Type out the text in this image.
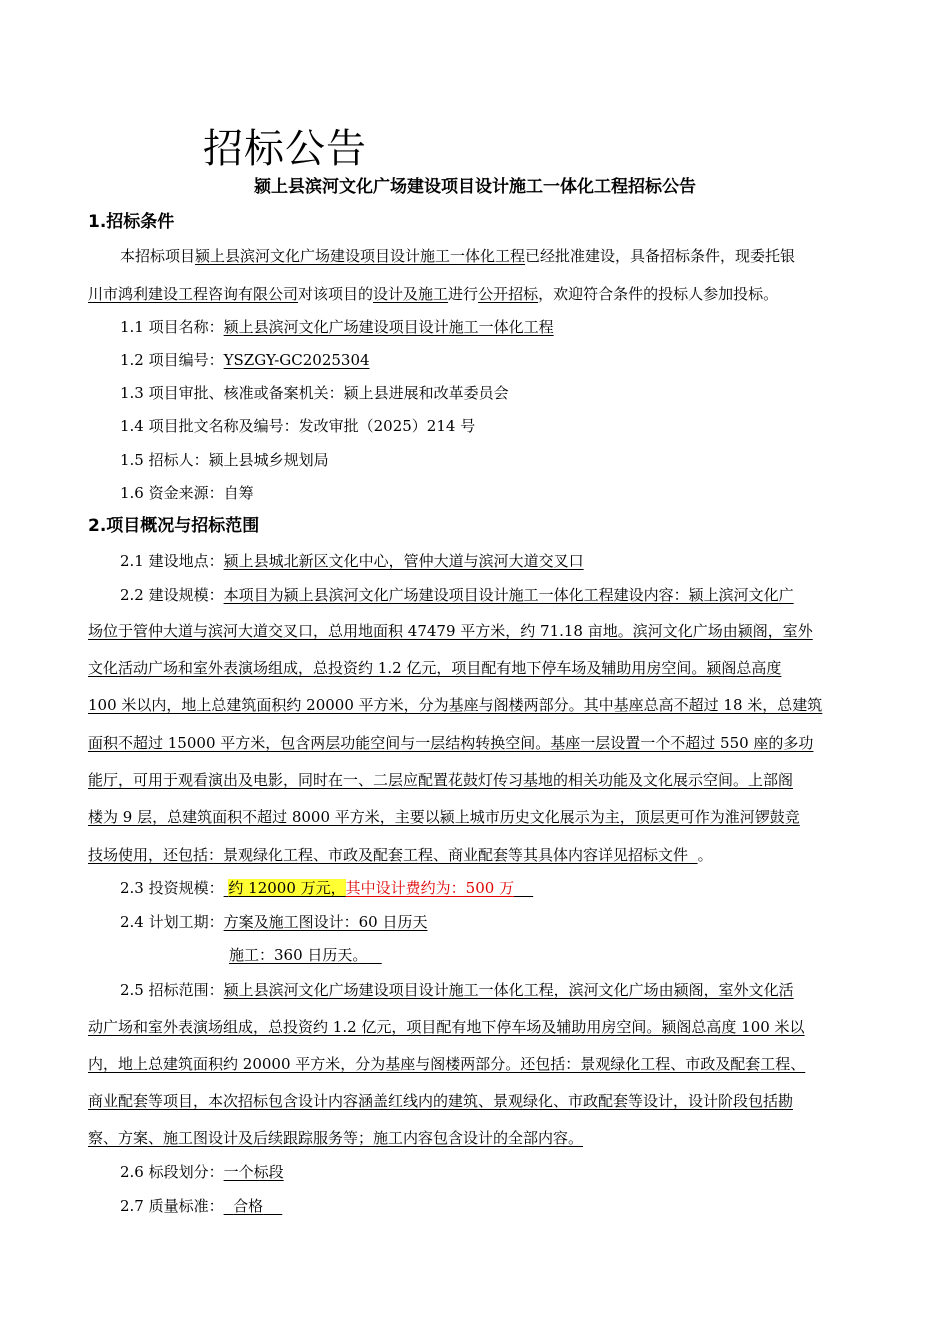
招标公告
颍上县滨河文化广场建设项目设计施工一体化工程招标公告
1.招标条件
本招标项目颍上县滨河文化广场建设项目设计施工一体化工程已经批准建设，具备招标条件，现委托银
川市鸿利建设工程咨询有限公司对该项目的设计及施工进行公开招标，欢迎符合条件的投标人参加投标。
1.1 项目名称：颍上县滨河文化广场建设项目设计施工一体化工程
1.2 项目编号：YSZGY-GC2025304
1.3 项目审批、核准或备案机关：颍上县进展和改革委员会
1.4 项目批文名称及编号：发改审批（2025）214 号
1.5 招标人：颍上县城乡规划局
1.6 资金来源：自筹
2.项目概况与招标范围
2.1 建设地点：颍上县城北新区文化中心，管仲大道与滨河大道交叉口
2.2 建设规模：本项目为颍上县滨河文化广场建设项目设计施工一体化工程建设内容：颍上滨河文化广
场位于管仲大道与滨河大道交叉口，总用地面积 47479 平方米，约 71.18 亩地。滨河文化广场由颍阁，室外
文化活动广场和室外表演场组成，总投资约 1.2 亿元，项目配有地下停车场及辅助用房空间。颍阁总高度
100 米以内，地上总建筑面积约 20000 平方米，分为基座与阁楼两部分。其中基座总高不超过 18 米，总建筑
面积不超过 15000 平方米，包含两层功能空间与一层结构转换空间。基座一层设置一个不超过 550 座的多功
能厅，可用于观看演出及电影，同时在一、二层应配置花鼓灯传习基地的相关功能及文化展示空间。上部阁
楼为 9 层，总建筑面积不超过 8000 平方米，主要以颍上城市历史文化展示为主，顶层更可作为淮河锣鼓竞
技场使用，还包括：景观绿化工程、市政及配套工程、商业配套等其具体内容详见招标文件 。
2.3 投资规模： 约 12000 万元，其中设计费约为：500 万
2.4 计划工期：方案及施工图设计：60 日历天
施工：360 日历天。
2.5 招标范围：颍上县滨河文化广场建设项目设计施工一体化工程，滨河文化广场由颍阁，室外文化活
动广场和室外表演场组成，总投资约 1.2 亿元，项目配有地下停车场及辅助用房空间。颍阁总高度 100 米以
内，地上总建筑面积约 20000 平方米，分为基座与阁楼两部分。还包括：景观绿化工程、市政及配套工程、
商业配套等项目，本次招标包含设计内容涵盖红线内的建筑、景观绿化、市政配套等设计，设计阶段包括勘
察、方案、施工图设计及后续跟踪服务等；施工内容包含设计的全部内容。
2.6 标段划分：一个标段
2.7 质量标准： 合格
